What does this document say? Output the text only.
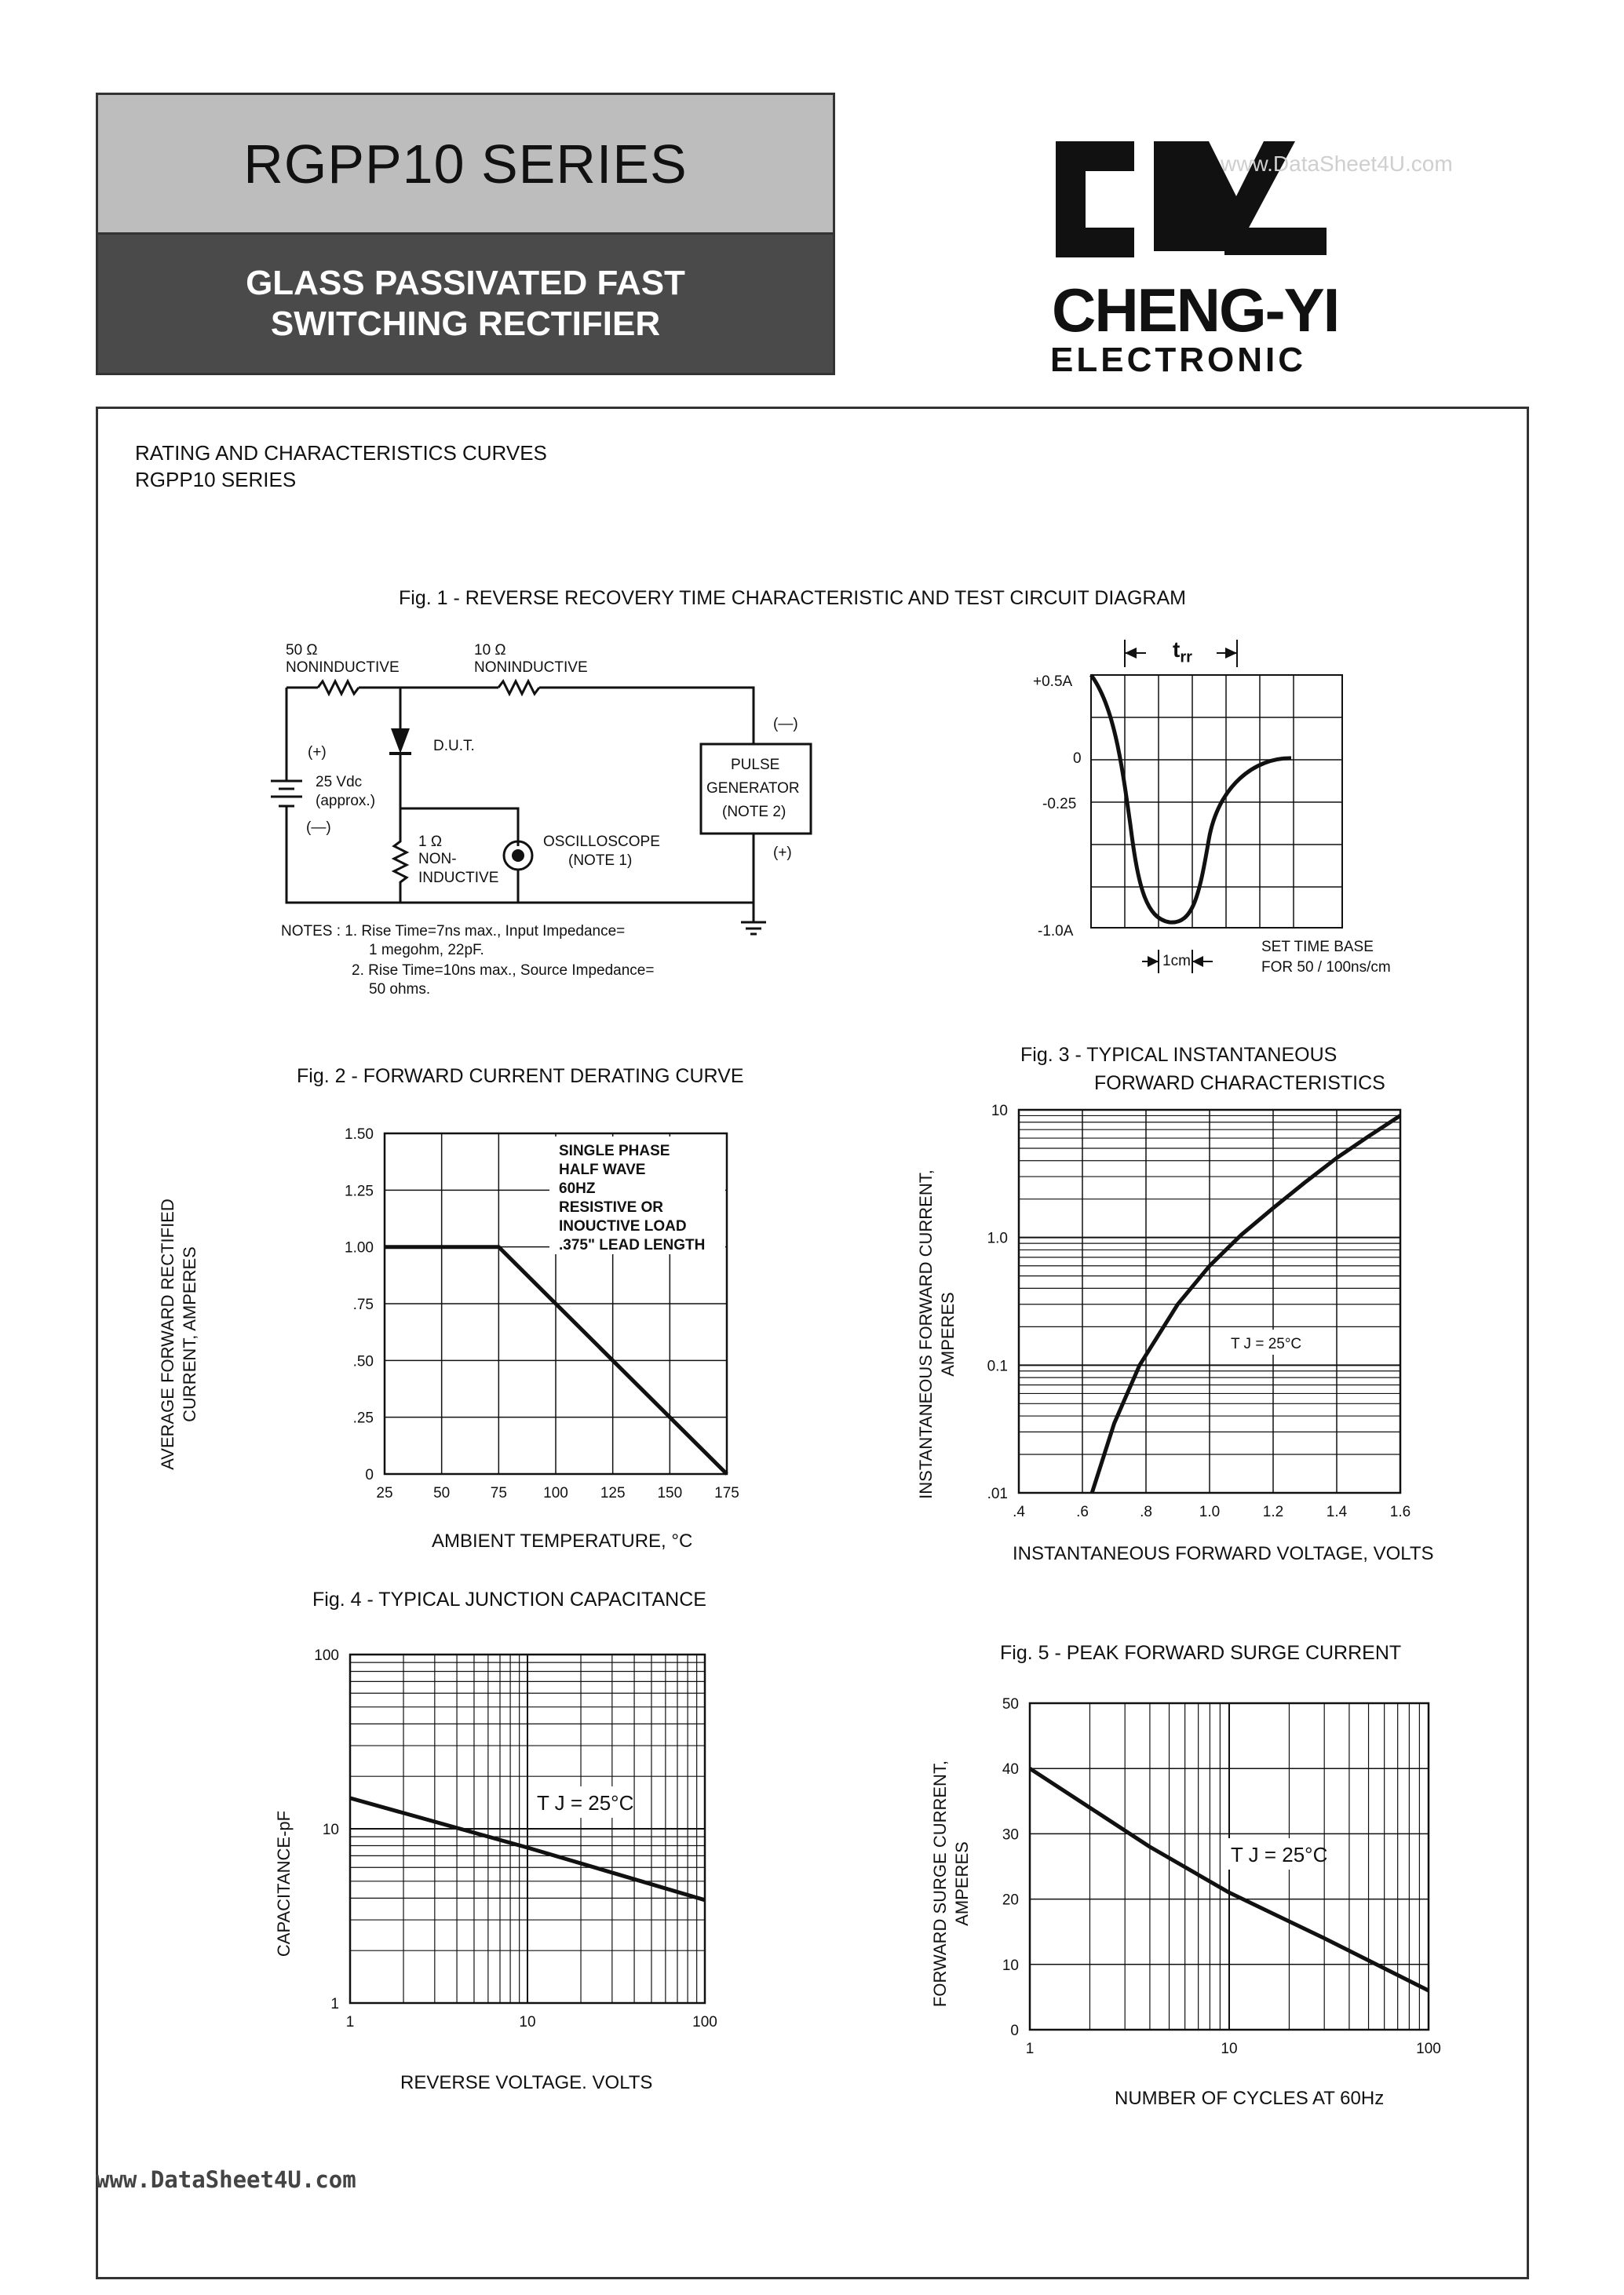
RGPP10 SERIES
GLASS PASSIVATED FAST
SWITCHING RECTIFIER
www.DataSheet4U.com
CHENG-YI
ELECTRONIC
RATING AND CHARACTERISTICS CURVES
RGPP10 SERIES
Fig. 1 - REVERSE RECOVERY TIME CHARACTERISTIC AND TEST CIRCUIT DIAGRAM
50 Ω
NONINDUCTIVE
10 Ω
NONINDUCTIVE
(+)
25 Vdc
(approx.)
(—)
D.U.T.
1 Ω
NON-
INDUCTIVE
OSCILLOSCOPE
(NOTE 1)
(—)
(+)
PULSE
GENERATOR
(NOTE 2)
NOTES : 1. Rise Time=7ns max., Input Impedance=
1 megohm, 22pF.
2. Rise Time=10ns max., Source Impedance=
50 ohms.
$t_{rr}$
+0.5A
0
-0.25
-1.0A
1cm
SET TIME BASE
FOR 50 / 100ns/cm
Fig. 2 - FORWARD CURRENT DERATING CURVE
25	50	75 100 125 150 175
0
.25
.50
.75
1.00
1.25
1.50
SINGLE PHASE
HALF WAVE
60HZ
RESISTIVE OR
INOUCTIVE LOAD
.375" LEAD LENGTH
AMBIENT TEMPERATURE, °C
AVERAGE FORWARD RECTIFIED CURRENT, AMPERES
Fig. 3 - TYPICAL INSTANTANEOUS
FORWARD CHARACTERISTICS
.4	.6	.8	1.0	1.2	1.4	1.6
.01
0.1
1.0
10
T J = 25°C
INSTANTANEOUS FORWARD VOLTAGE, VOLTS
INSTANTANEOUS FORWARD CURRENT, AMPERES
Fig. 4 - TYPICAL JUNCTION CAPACITANCE
1	10	100
1
10
100
T J = 25°C
REVERSE VOLTAGE. VOLTS
CAPACITANCE-pF
Fig. 5 - PEAK FORWARD SURGE CURRENT
1	10	100
0
10
20
30
40
50
T J = 25°C
NUMBER OF CYCLES AT 60Hz
FORWARD SURGE CURRENT, AMPERES
www.DataSheet4U.com
